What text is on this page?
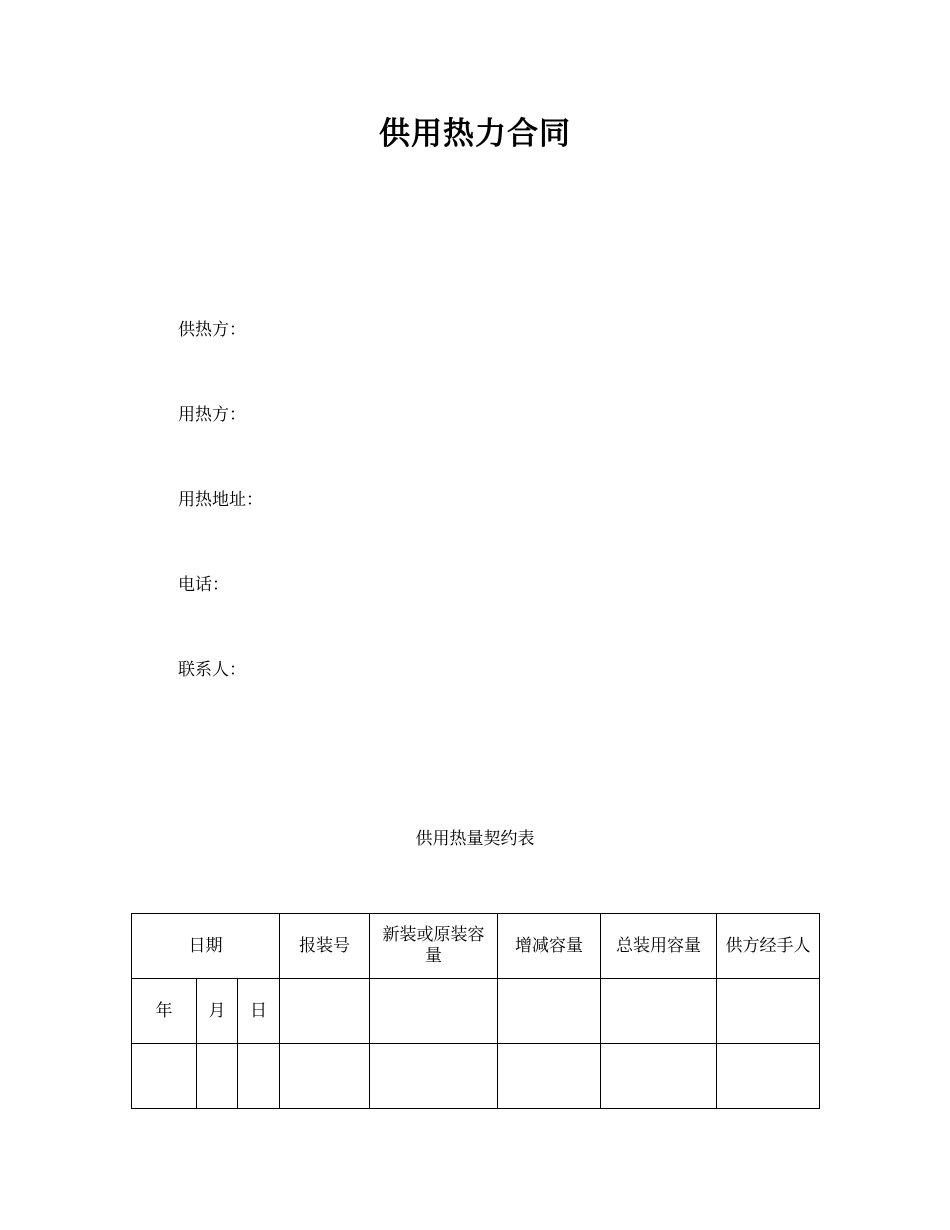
供用热力合同
供热方：
用热方：
用热地址：
电话：
联系人：
供用热量契约表
日期			报装号	新装或原装容量	增减容量	总装用容量	供方经手人
年	月	日					
